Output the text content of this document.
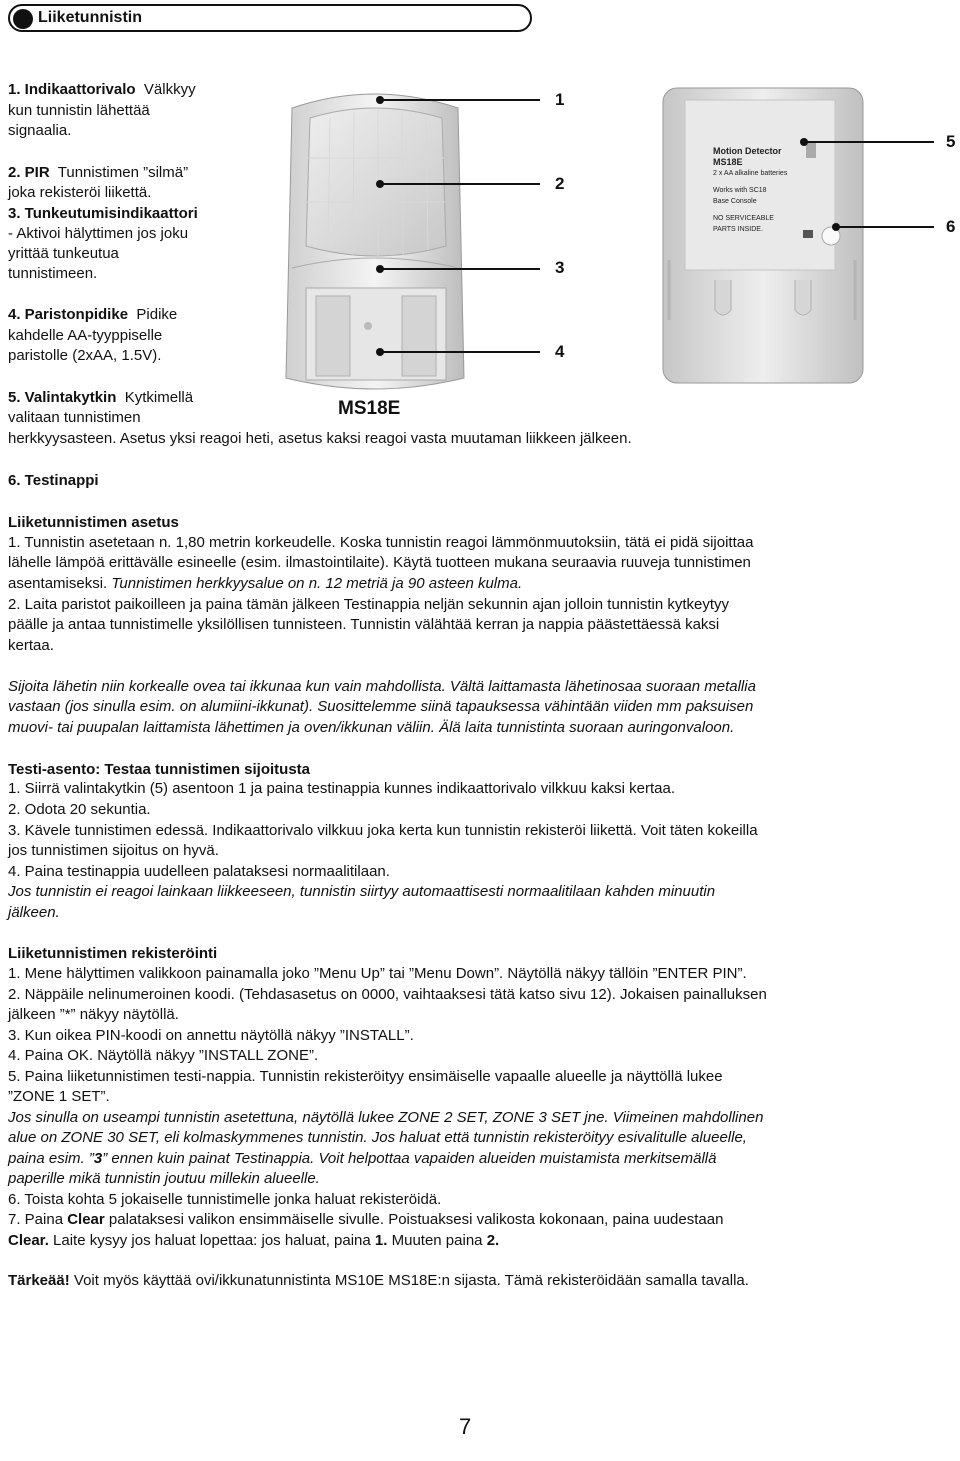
Liiketunnistin
1. Indikaattorivalo Välkkyy
kun tunnistin lähettää
signaalia.
2. PIR Tunnistimen ”silmä”
joka rekisteröi liikettä.
3. Tunkeutumisindikaattori
- Aktivoi hälyttimen jos joku
yrittää tunkeutua
tunnistimeen.
4. Paristonpidike Pidike
kahdelle AA-tyyppiselle
paristolle (2xAA, 1.5V).
5. Valintakytkin Kytkimellä
valitaan tunnistimen
herkkyysasteen. Asetus yksi reagoi heti, asetus kaksi reagoi vasta muutaman liikkeen jälkeen.
6. Testinappi
Motion Detector
MS18E
2 x AA alkaline batteries
Works with SC18
Base Console
NO SERVICEABLE
PARTS INSIDE.
1
2
3
4
5
6
MS18E
Liiketunnistimen asetus
1. Tunnistin asetetaan n. 1,80 metrin korkeudelle. Koska tunnistin reagoi lämmönmuutoksiin, tätä ei pidä sijoittaa
lähelle lämpöä erittävälle esineelle (esim. ilmastointilaite). Käytä tuotteen mukana seuraavia ruuveja tunnistimen
asentamiseksi. Tunnistimen herkkyysalue on n. 12 metriä ja 90 asteen kulma.
2. Laita paristot paikoilleen ja paina tämän jälkeen Testinappia neljän sekunnin ajan jolloin tunnistin kytkeytyy
päälle ja antaa tunnistimelle yksilöllisen tunnisteen. Tunnistin välähtää kerran ja nappia päästettäessä kaksi
kertaa.
Sijoita lähetin niin korkealle ovea tai ikkunaa kun vain mahdollista. Vältä laittamasta lähetinosaa suoraan metallia
vastaan (jos sinulla esim. on alumiini-ikkunat). Suosittelemme siinä tapauksessa vähintään viiden mm paksuisen
muovi- tai puupalan laittamista lähettimen ja oven/ikkunan väliin. Älä laita tunnistinta suoraan auringonvaloon.
Testi-asento: Testaa tunnistimen sijoitusta
1. Siirrä valintakytkin (5) asentoon 1 ja paina testinappia kunnes indikaattorivalo vilkkuu kaksi kertaa.
2. Odota 20 sekuntia.
3. Kävele tunnistimen edessä. Indikaattorivalo vilkkuu joka kerta kun tunnistin rekisteröi liikettä. Voit täten kokeilla
jos tunnistimen sijoitus on hyvä.
4. Paina testinappia uudelleen palataksesi normaalitilaan.
Jos tunnistin ei reagoi lainkaan liikkeeseen, tunnistin siirtyy automaattisesti normaalitilaan kahden minuutin
jälkeen.
Liiketunnistimen rekisteröinti
1. Mene hälyttimen valikkoon painamalla joko ”Menu Up” tai ”Menu Down”. Näytöllä näkyy tällöin ”ENTER PIN”.
2. Näppäile nelinumeroinen koodi. (Tehdasasetus on 0000, vaihtaaksesi tätä katso sivu 12). Jokaisen painalluksen
jälkeen ”*” näkyy näytöllä.
3. Kun oikea PIN-koodi on annettu näytöllä näkyy ”INSTALL”.
4. Paina OK. Näytöllä näkyy ”INSTALL ZONE”.
5. Paina liiketunnistimen testi-nappia. Tunnistin rekisteröityy ensimäiselle vapaalle alueelle ja näyttöllä lukee
”ZONE 1 SET”.
Jos sinulla on useampi tunnistin asetettuna, näytöllä lukee ZONE 2 SET, ZONE 3 SET jne. Viimeinen mahdollinen
alue on ZONE 30 SET, eli kolmaskymmenes tunnistin. Jos haluat että tunnistin rekisteröityy esivalitulle alueelle,
paina esim. ”3” ennen kuin painat Testinappia. Voit helpottaa vapaiden alueiden muistamista merkitsemällä
paperille mikä tunnistin joutuu millekin alueelle.
6. Toista kohta 5 jokaiselle tunnistimelle jonka haluat rekisteröidä.
7. Paina Clear palataksesi valikon ensimmäiselle sivulle. Poistuaksesi valikosta kokonaan, paina uudestaan
Clear. Laite kysyy jos haluat lopettaa: jos haluat, paina 1. Muuten paina 2.
Tärkeää! Voit myös käyttää ovi/ikkunatunnistinta MS10E MS18E:n sijasta. Tämä rekisteröidään samalla tavalla.
7
